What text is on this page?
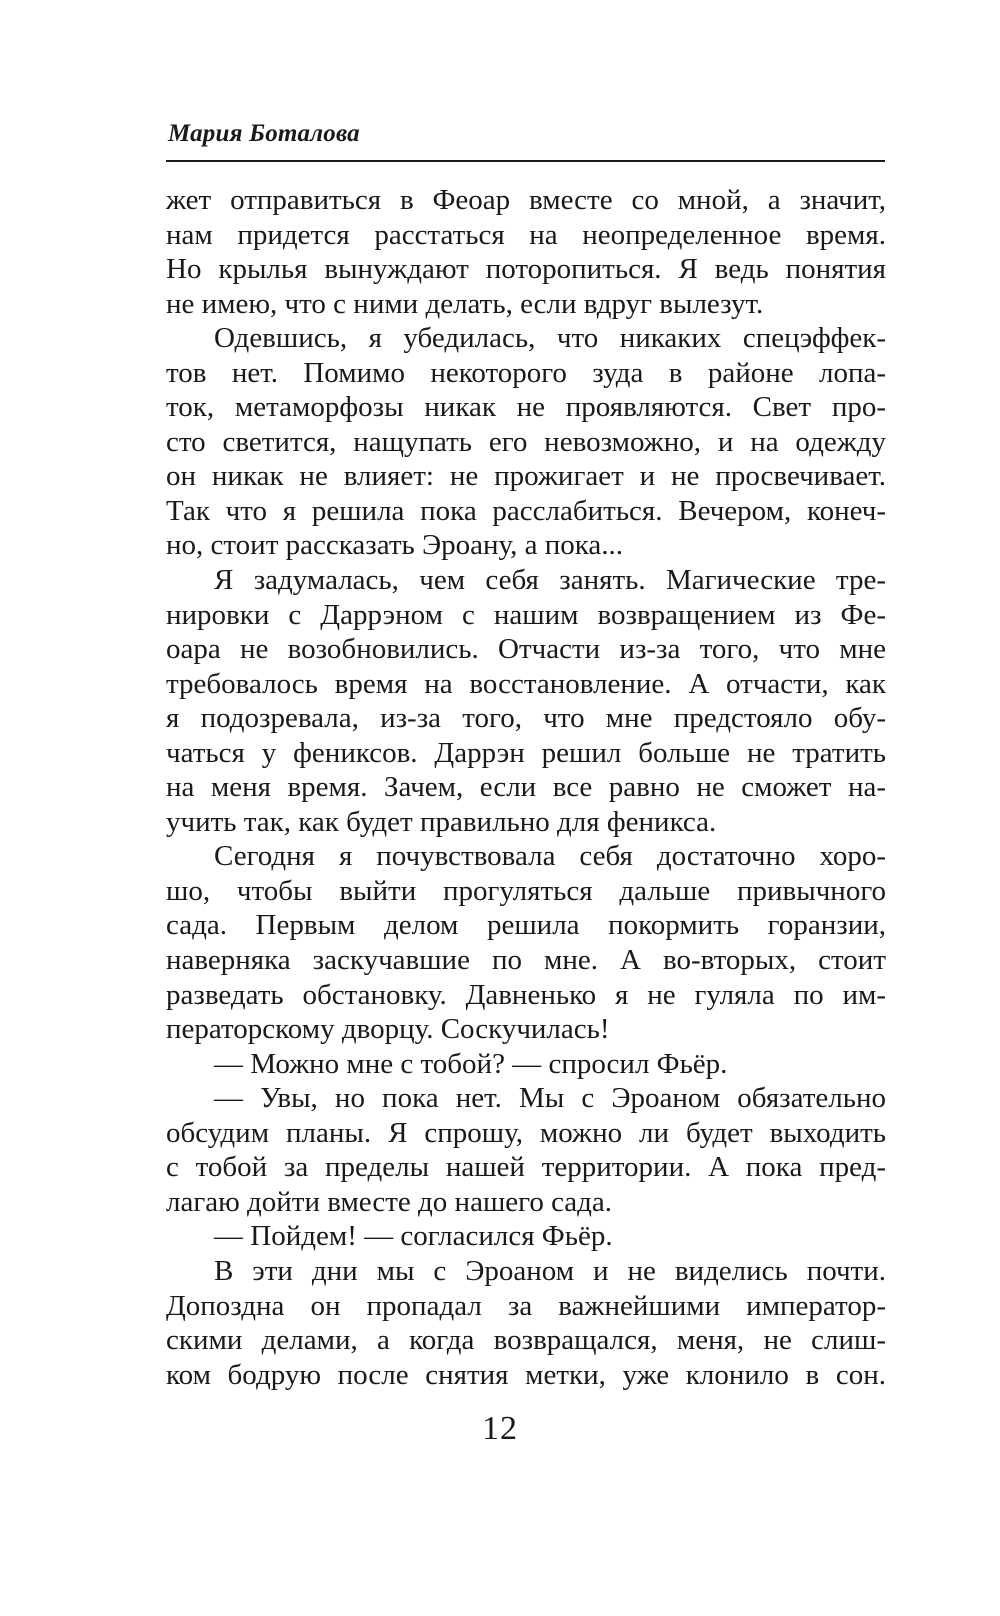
Мария Боталова
жет отправиться в Феоар вместе со мной, а значит,
нам придется расстаться на неопределенное время.
Но крылья вынуждают поторопиться. Я ведь понятия
не имею, что с ними делать, если вдруг вылезут.
Одевшись, я убедилась, что никаких спецэффек-
тов нет. Помимо некоторого зуда в районе лопа-
ток, метаморфозы никак не проявляются. Свет про-
сто светится, нащупать его невозможно, и на одежду
он никак не влияет: не прожигает и не просвечивает.
Так что я решила пока расслабиться. Вечером, конеч-
но, стоит рассказать Эроану, а пока...
Я задумалась, чем себя занять. Магические тре-
нировки с Даррэном с нашим возвращением из Фе-
оара не возобновились. Отчасти из-за того, что мне
требовалось время на восстановление. А отчасти, как
я подозревала, из-за того, что мне предстояло обу-
чаться у фениксов. Даррэн решил больше не тратить
на меня время. Зачем, если все равно не сможет на-
учить так, как будет правильно для феникса.
Сегодня я почувствовала себя достаточно хоро-
шо, чтобы выйти прогуляться дальше привычного
сада. Первым делом решила покормить горанзии,
наверняка заскучавшие по мне. А во-вторых, стоит
разведать обстановку. Давненько я не гуляла по им-
ператорскому дворцу. Соскучилась!
— Можно мне с тобой? — спросил Фьёр.
— Увы, но пока нет. Мы с Эроаном обязательно
обсудим планы. Я спрошу, можно ли будет выходить
с тобой за пределы нашей территории. А пока пред-
лагаю дойти вместе до нашего сада.
— Пойдем! — согласился Фьёр.
В эти дни мы с Эроаном и не виделись почти.
Допоздна он пропадал за важнейшими император-
скими делами, а когда возвращался, меня, не слиш-
ком бодрую после снятия метки, уже клонило в сон.
12
